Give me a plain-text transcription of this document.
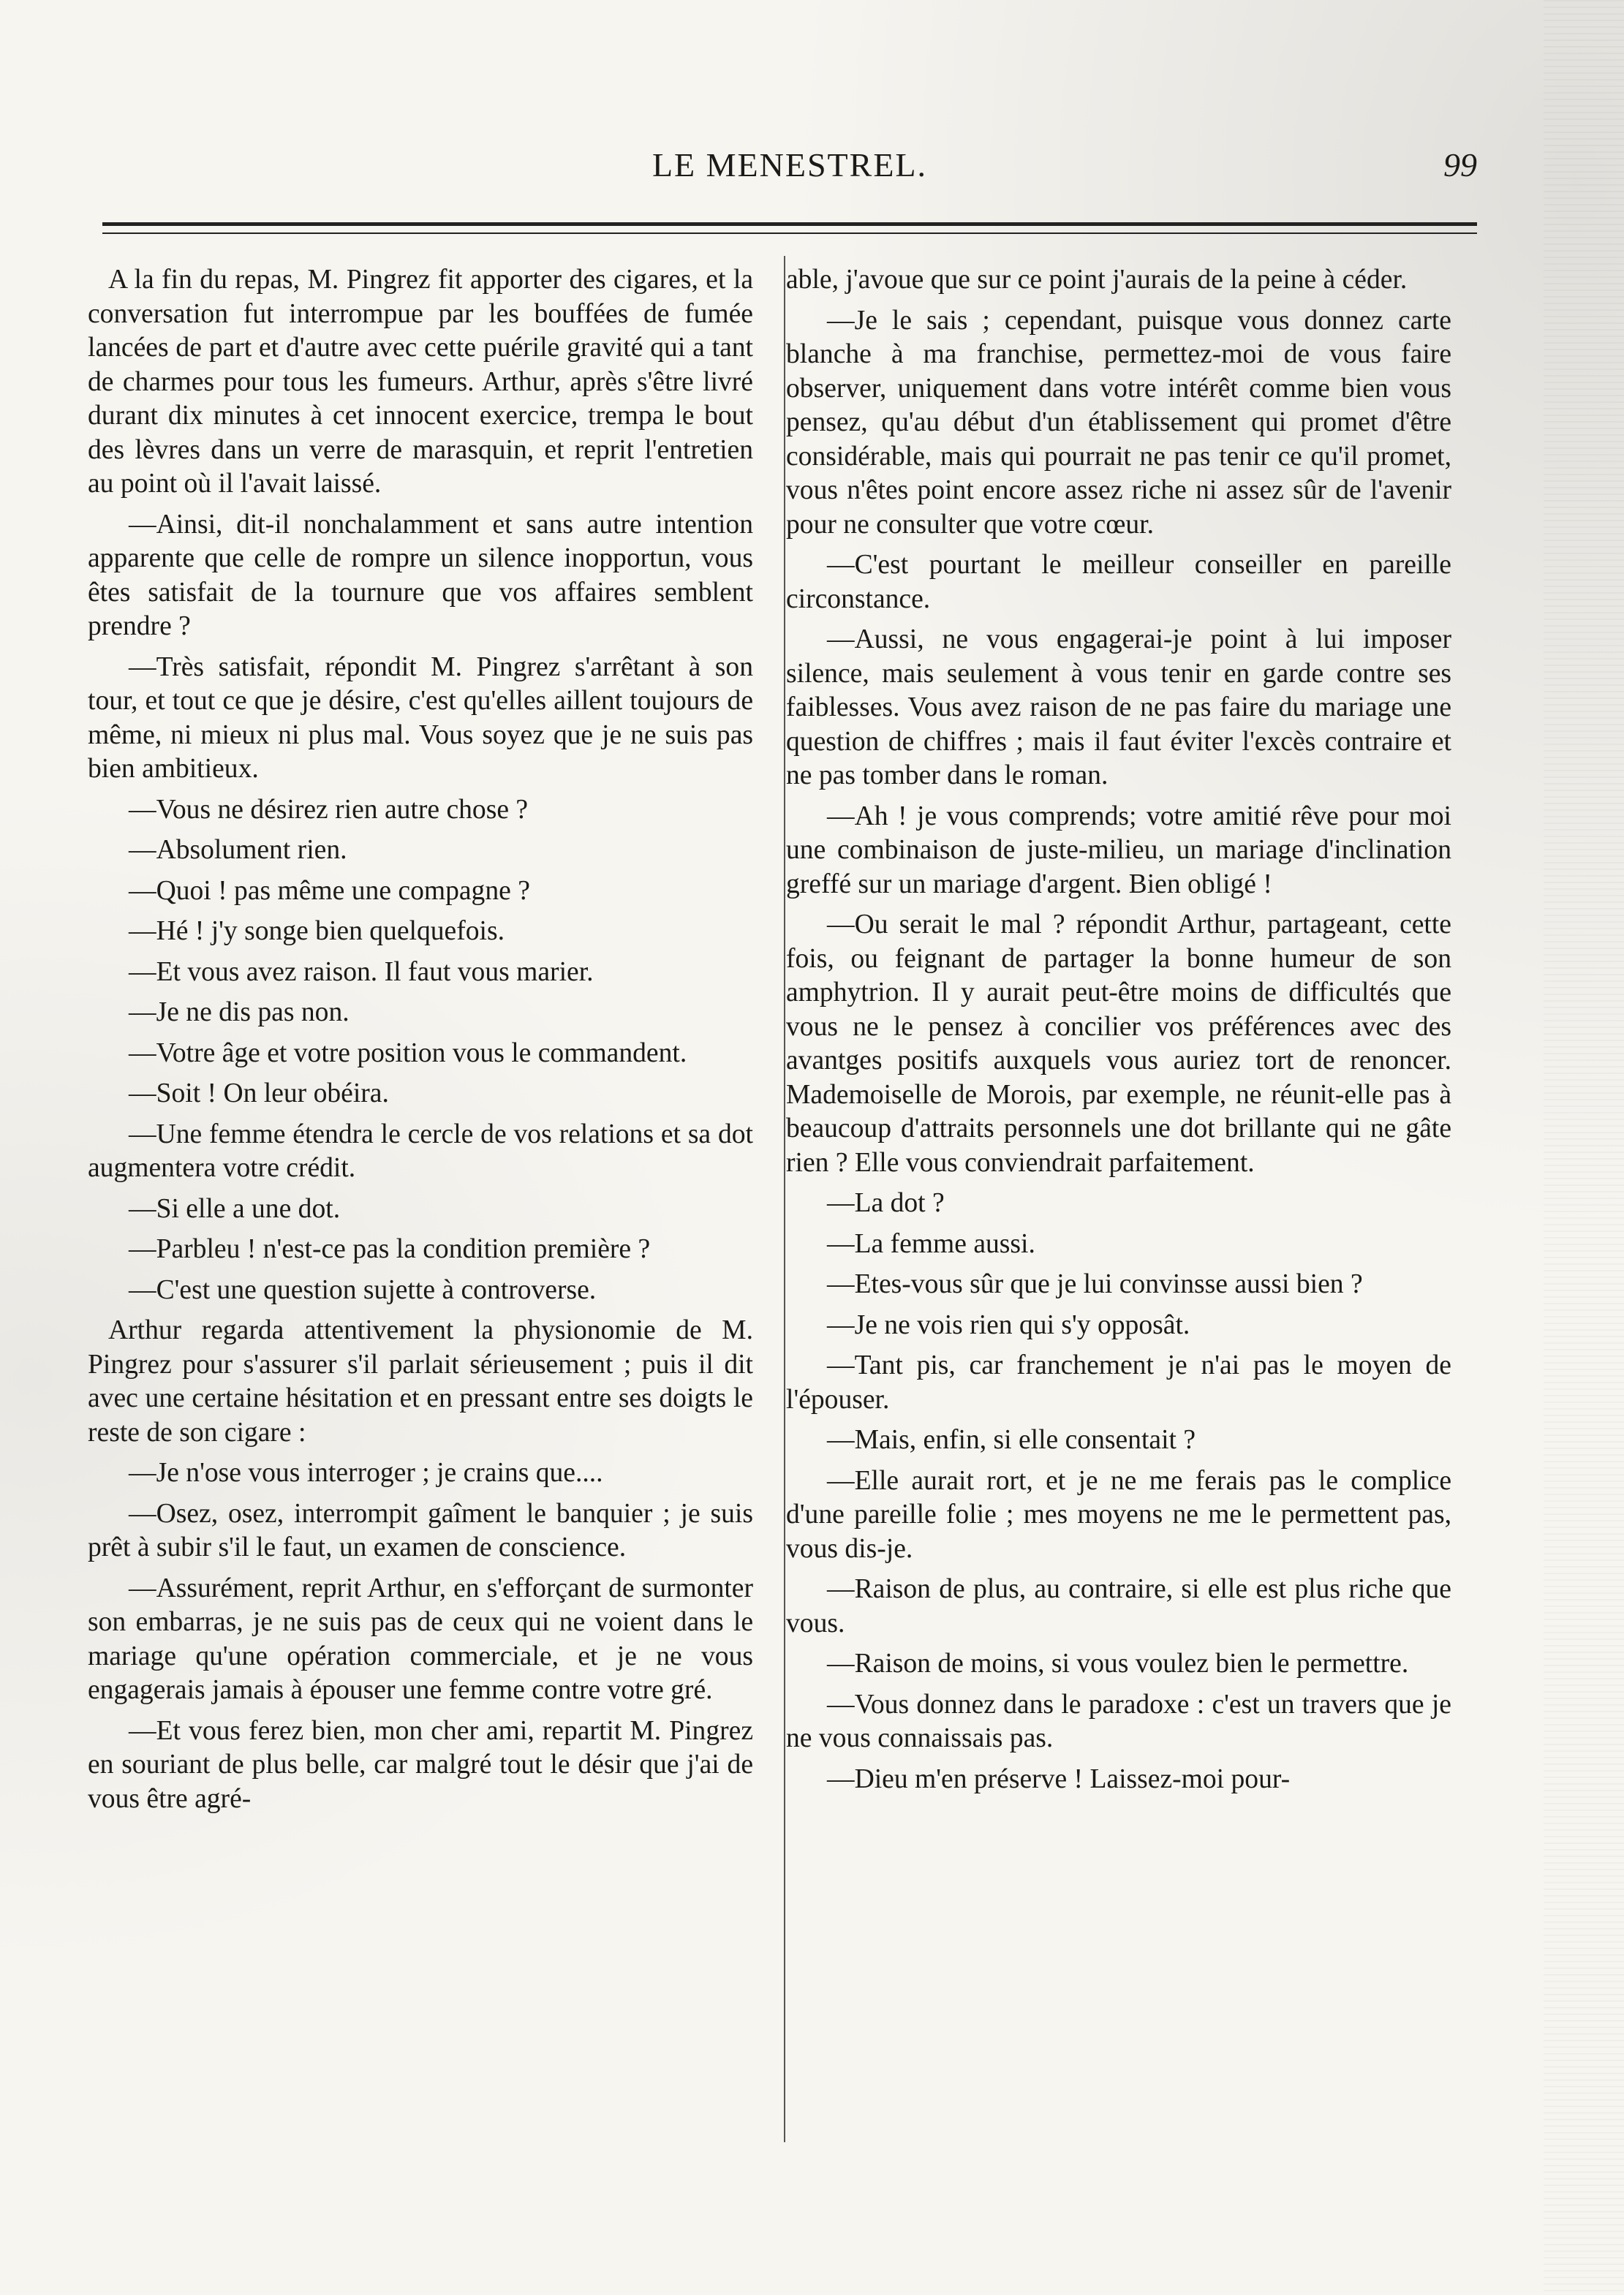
LE MENESTREL.	99

A la fin du repas, M. Pingrez fit apporter des cigares, et la conversation fut interrompue par les bouffées de fumée lancées de part et d'autre avec cette puérile gravité qui a tant de charmes pour tous les fumeurs. Arthur, après s'être livré durant dix minutes à cet innocent exercice, trempa le bout des lèvres dans un verre de marasquin, et reprit l'entretien au point où il l'avait laissé.

—Ainsi, dit-il nonchalamment et sans autre intention apparente que celle de rompre un silence inopportun, vous êtes satisfait de la tournure que vos affaires semblent prendre ?

—Très satisfait, répondit M. Pingrez s'arrêtant à son tour, et tout ce que je désire, c'est qu'elles aillent toujours de même, ni mieux ni plus mal. Vous soyez que je ne suis pas bien ambitieux.

—Vous ne désirez rien autre chose ?

—Absolument rien.

—Quoi ! pas même une compagne ?

—Hé ! j'y songe bien quelquefois.

—Et vous avez raison. Il faut vous marier.

—Je ne dis pas non.

—Votre âge et votre position vous le commandent.

—Soit ! On leur obéira.

—Une femme étendra le cercle de vos relations et sa dot augmentera votre crédit.

—Si elle a une dot.

—Parbleu ! n'est-ce pas la condition première ?

—C'est une question sujette à controverse.

Arthur regarda attentivement la physionomie de M. Pingrez pour s'assurer s'il parlait sérieusement ; puis il dit avec une certaine hésitation et en pressant entre ses doigts le reste de son cigare :

—Je n'ose vous interroger ; je crains que....

—Osez, osez, interrompit gaîment le banquier ; je suis prêt à subir s'il le faut, un examen de conscience.

—Assurément, reprit Arthur, en s'efforçant de surmonter son embarras, je ne suis pas de ceux qui ne voient dans le mariage qu'une opération commerciale, et je ne vous engagerais jamais à épouser une femme contre votre gré.

—Et vous ferez bien, mon cher ami, repartit M. Pingrez en souriant de plus belle, car malgré tout le désir que j'ai de vous être agré-

able, j'avoue que sur ce point j'aurais de la peine à céder.

—Je le sais ; cependant, puisque vous donnez carte blanche à ma franchise, permettez-moi de vous faire observer, uniquement dans votre intérêt comme bien vous pensez, qu'au début d'un établissement qui promet d'être considérable, mais qui pourrait ne pas tenir ce qu'il promet, vous n'êtes point encore assez riche ni assez sûr de l'avenir pour ne consulter que votre cœur.

—C'est pourtant le meilleur conseiller en pareille circonstance.

—Aussi, ne vous engagerai-je point à lui imposer silence, mais seulement à vous tenir en garde contre ses faiblesses. Vous avez raison de ne pas faire du mariage une question de chiffres ; mais il faut éviter l'excès contraire et ne pas tomber dans le roman.

—Ah ! je vous comprends; votre amitié rêve pour moi une combinaison de juste-milieu, un mariage d'inclination greffé sur un mariage d'argent. Bien obligé !

—Ou serait le mal ? répondit Arthur, partageant, cette fois, ou feignant de partager la bonne humeur de son amphytrion. Il y aurait peut-être moins de difficultés que vous ne le pensez à concilier vos préférences avec des avantges positifs auxquels vous auriez tort de renoncer. Mademoiselle de Morois, par exemple, ne réunit-elle pas à beaucoup d'attraits personnels une dot brillante qui ne gâte rien ? Elle vous conviendrait parfaitement.

—La dot ?

—La femme aussi.

—Etes-vous sûr que je lui convinsse aussi bien ?

—Je ne vois rien qui s'y opposât.

—Tant pis, car franchement je n'ai pas le moyen de l'épouser.

—Mais, enfin, si elle consentait ?

—Elle aurait rort, et je ne me ferais pas le complice d'une pareille folie ; mes moyens ne me le permettent pas, vous dis-je.

—Raison de plus, au contraire, si elle est plus riche que vous.

—Raison de moins, si vous voulez bien le permettre.

—Vous donnez dans le paradoxe : c'est un travers que je ne vous connaissais pas.

—Dieu m'en préserve ! Laissez-moi pour-
